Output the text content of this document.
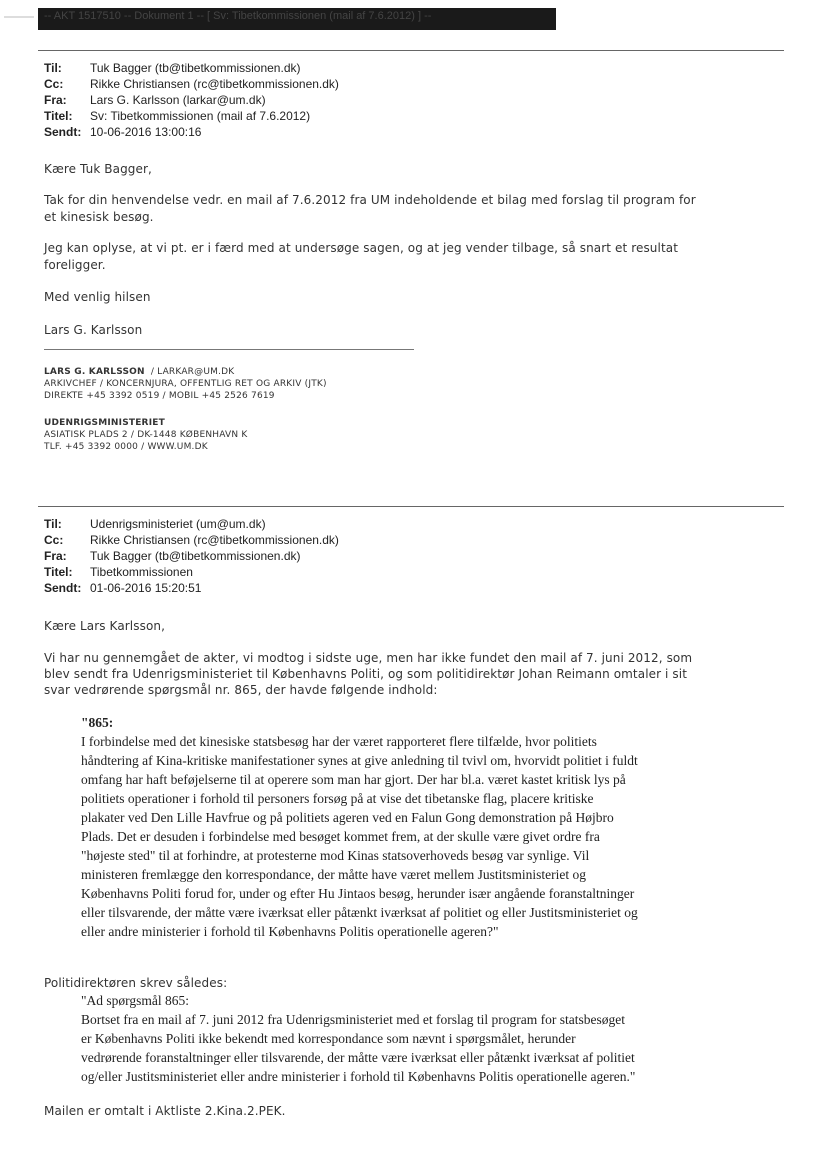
-- AKT 1517510 -- Dokument 1 -- [ Sv: Tibetkommissionen (mail af 7.6.2012) ] --
Til: Tuk Bagger (tb@tibetkommissionen.dk)
Cc: Rikke Christiansen (rc@tibetkommissionen.dk)
Fra: Lars G. Karlsson (larkar@um.dk)
Titel: Sv: Tibetkommissionen (mail af 7.6.2012)
Sendt: 10-06-2016 13:00:16
Kære Tuk Bagger,
Tak for din henvendelse vedr. en mail af 7.6.2012 fra UM indeholdende et bilag med forslag til program for
et kinesisk besøg.
Jeg kan oplyse, at vi pt. er i færd med at undersøge sagen, og at jeg vender tilbage, så snart et resultat
foreligger.
Med venlig hilsen
Lars G. Karlsson
LARS G. KARLSSON  / LARKAR@UM.DK
ARKIVCHEF / KONCERNJURA, OFFENTLIG RET OG ARKIV (JTK)
DIREKTE +45 3392 0519 / MOBIL +45 2526 7619
UDENRIGSMINISTERIET
ASIATISK PLADS 2 / DK-1448 KØBENHAVN K
TLF. +45 3392 0000 / WWW.UM.DK
Til: Udenrigsministeriet (um@um.dk)
Cc: Rikke Christiansen (rc@tibetkommissionen.dk)
Fra: Tuk Bagger (tb@tibetkommissionen.dk)
Titel: Tibetkommissionen
Sendt: 01-06-2016 15:20:51
Kære Lars Karlsson,
Vi har nu gennemgået de akter, vi modtog i sidste uge, men har ikke fundet den mail af 7. juni 2012, som
blev sendt fra Udenrigsministeriet til Københavns Politi, og som politidirektør Johan Reimann omtaler i sit
svar vedrørende spørgsmål nr. 865, der havde følgende indhold:
"865:
I forbindelse med det kinesiske statsbesøg har der været rapporteret flere tilfælde, hvor politiets
håndtering af Kina-kritiske manifestationer synes at give anledning til tvivl om, hvorvidt politiet i fuldt
omfang har haft beføjelserne til at operere som man har gjort. Der har bl.a. været kastet kritisk lys på
politiets operationer i forhold til personers forsøg på at vise det tibetanske flag, placere kritiske
plakater ved Den Lille Havfrue og på politiets ageren ved en Falun Gong demonstration på Højbro
Plads. Det er desuden i forbindelse med besøget kommet frem, at der skulle være givet ordre fra
"højeste sted" til at forhindre, at protesterne mod Kinas statsoverhoveds besøg var synlige. Vil
ministeren fremlægge den korrespondance, der måtte have været mellem Justitsministeriet og
Københavns Politi forud for, under og efter Hu Jintaos besøg, herunder især angående foranstaltninger
eller tilsvarende, der måtte være iværksat eller påtænkt iværksat af politiet og eller Justitsministeriet og
eller andre ministerier i forhold til Københavns Politis operationelle ageren?"
Politidirektøren skrev således:
"Ad spørgsmål 865:
Bortset fra en mail af 7. juni 2012 fra Udenrigsministeriet med et forslag til program for statsbesøget
er Københavns Politi ikke bekendt med korrespondance som nævnt i spørgsmålet, herunder
vedrørende foranstaltninger eller tilsvarende, der måtte være iværksat eller påtænkt iværksat af politiet
og/eller Justitsministeriet eller andre ministerier i forhold til Københavns Politis operationelle ageren."
Mailen er omtalt i Aktliste 2.Kina.2.PEK.
